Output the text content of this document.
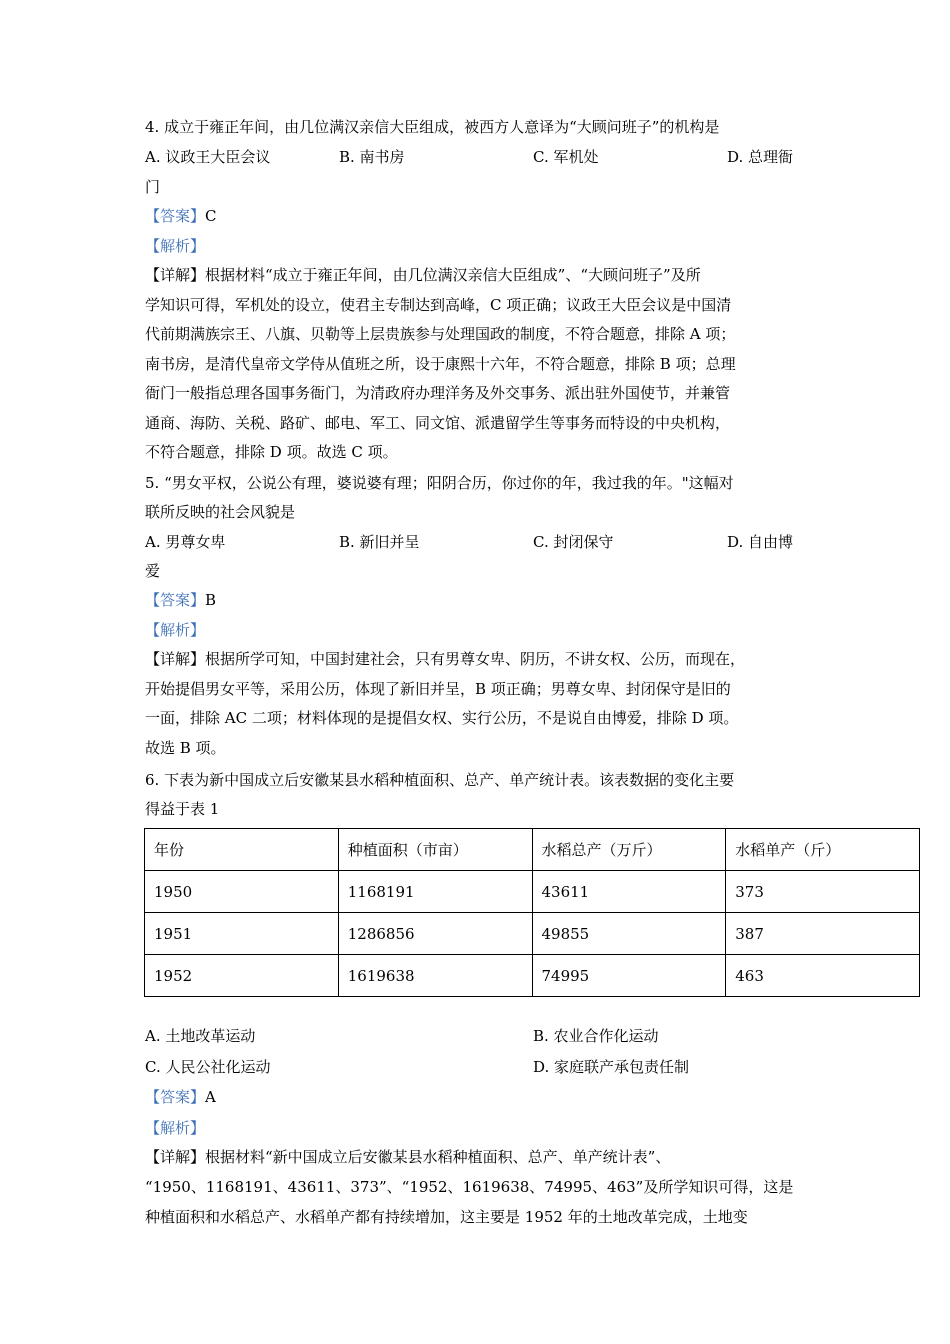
4. 成立于雍正年间，由几位满汉亲信大臣组成，被西方人意译为“大顾问班子”的机构是
A. 议政王大臣会议	B. 南书房	C. 军机处	D. 总理衙
门
【答案】C
【解析】
【详解】根据材料“成立于雍正年间，由几位满汉亲信大臣组成”、“大顾问班子”及所
学知识可得，军机处的设立，使君主专制达到高峰，C 项正确；议政王大臣会议是中国清
代前期满族宗王、八旗、贝勒等上层贵族参与处理国政的制度，不符合题意，排除 A 项；
南书房，是清代皇帝文学侍从值班之所，设于康熙十六年，不符合题意，排除 B 项；总理
衙门一般指总理各国事务衙门，为清政府办理洋务及外交事务、派出驻外国使节，并兼管
通商、海防、关税、路矿、邮电、军工、同文馆、派遣留学生等事务而特设的中央机构，
不符合题意，排除 D 项。故选 C 项。
5. “男女平权，公说公有理，婆说婆有理；阳阴合历，你过你的年，我过我的年。"这幅对
联所反映的社会风貌是
A. 男尊女卑	B. 新旧并呈	C. 封闭保守	D. 自由博
爱
【答案】B
【解析】
【详解】根据所学可知，中国封建社会，只有男尊女卑、阴历，不讲女权、公历，而现在，
开始提倡男女平等，采用公历，体现了新旧并呈，B 项正确；男尊女卑、封闭保守是旧的
一面，排除 AC 二项；材料体现的是提倡女权、实行公历，不是说自由博爱，排除 D 项。
故选 B 项。
6. 下表为新中国成立后安徽某县水稻种植面积、总产、单产统计表。该表数据的变化主要
得益于表 1
年份	种植面积（市亩）	水稻总产（万斤）	水稻单产（斤）
1950	1168191	43611	373
1951	1286856	49855	387
1952	1619638	74995	463
A. 土地改革运动	B. 农业合作化运动
C. 人民公社化运动	D. 家庭联产承包责任制
【答案】A
【解析】
【详解】根据材料“新中国成立后安徽某县水稻种植面积、总产、单产统计表”、
“1950、1168191、43611、373”、“1952、1619638、74995、463”及所学知识可得，这是
种植面积和水稻总产、水稻单产都有持续增加，这主要是 1952 年的土地改革完成，土地变
